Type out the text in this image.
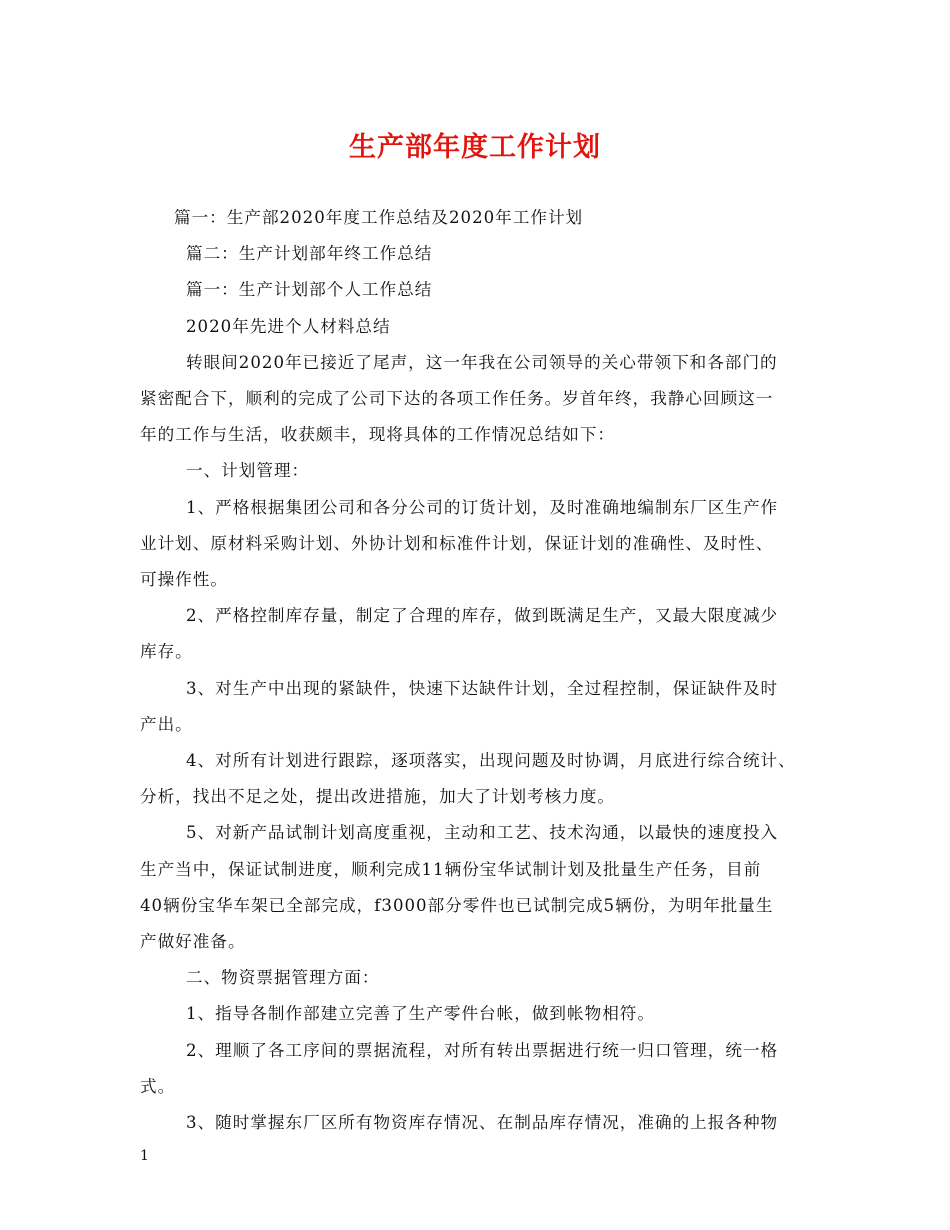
生产部年度工作计划
篇一：生产部2020年度工作总结及2020年工作计划
篇二：生产计划部年终工作总结
篇一：生产计划部个人工作总结
2020年先进个人材料总结
转眼间2020年已接近了尾声，这一年我在公司领导的关心带领下和各部门的
紧密配合下，顺利的完成了公司下达的各项工作任务。岁首年终，我静心回顾这一
年的工作与生活，收获颇丰，现将具体的工作情况总结如下：
一、计划管理：
1、严格根据集团公司和各分公司的订货计划，及时准确地编制东厂区生产作
业计划、原材料采购计划、外协计划和标准件计划，保证计划的准确性、及时性、
可操作性。
2、严格控制库存量，制定了合理的库存，做到既满足生产，又最大限度减少
库存。
3、对生产中出现的紧缺件，快速下达缺件计划，全过程控制，保证缺件及时
产出。
4、对所有计划进行跟踪，逐项落实，出现问题及时协调，月底进行综合统计、
分析，找出不足之处，提出改进措施，加大了计划考核力度。
5、对新产品试制计划高度重视，主动和工艺、技术沟通，以最快的速度投入
生产当中，保证试制进度，顺利完成11辆份宝华试制计划及批量生产任务，目前
40辆份宝华车架已全部完成，f3000部分零件也已试制完成5辆份，为明年批量生
产做好准备。
二、物资票据管理方面：
1、指导各制作部建立完善了生产零件台帐，做到帐物相符。
2、理顺了各工序间的票据流程，对所有转出票据进行统一归口管理，统一格
式。
3、随时掌握东厂区所有物资库存情况、在制品库存情况，准确的上报各种物
1
